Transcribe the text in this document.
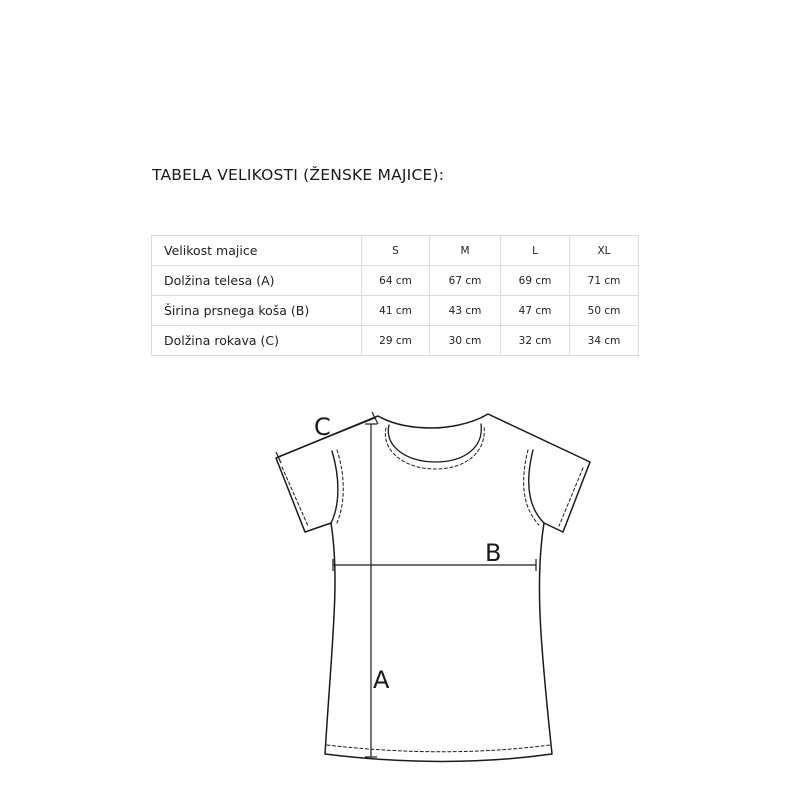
TABELA VELIKOSTI (ŽENSKE MAJICE):
Velikost majice	S	M	L	XL
Dolžina telesa (A)	64 cm	67 cm	69 cm	71 cm
Širina prsnega koša (B)	41 cm	43 cm	47 cm	50 cm
Dolžina rokava (C)	29 cm	30 cm	32 cm	34 cm
A
B
C
